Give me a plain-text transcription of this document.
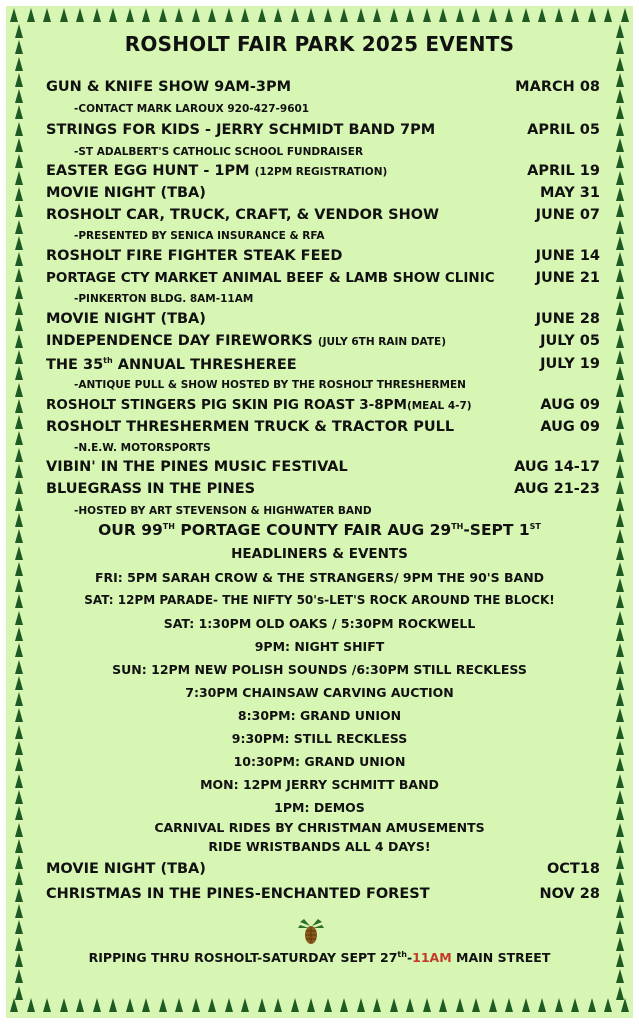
ROSHOLT FAIR PARK 2025 EVENTS
GUN & KNIFE SHOW 9AM-3PM	MARCH 08
-CONTACT MARK LAROUX 920-427-9601
STRINGS FOR KIDS - JERRY SCHMIDT BAND 7PM	APRIL 05
-ST ADALBERT'S CATHOLIC SCHOOL FUNDRAISER
EASTER EGG HUNT - 1PM (12PM REGISTRATION)	APRIL 19
MOVIE NIGHT (TBA)	MAY 31
ROSHOLT CAR, TRUCK, CRAFT, & VENDOR SHOW	JUNE 07
-PRESENTED BY SENICA INSURANCE & RFA
ROSHOLT FIRE FIGHTER STEAK FEED	JUNE 14
PORTAGE CTY MARKET ANIMAL BEEF & LAMB SHOW CLINIC	JUNE 21
-PINKERTON BLDG. 8AM-11AM
MOVIE NIGHT (TBA)	JUNE 28
INDEPENDENCE DAY FIREWORKS (JULY 6TH RAIN DATE)	JULY 05
THE 35th ANNUAL THRESHEREE	JULY 19
-ANTIQUE PULL & SHOW HOSTED BY THE ROSHOLT THRESHERMEN
ROSHOLT STINGERS PIG SKIN PIG ROAST 3-8PM(MEAL 4-7)	AUG 09
ROSHOLT THRESHERMEN TRUCK & TRACTOR PULL	AUG 09
-N.E.W. MOTORSPORTS
VIBIN' IN THE PINES MUSIC FESTIVAL	AUG 14-17
BLUEGRASS IN THE PINES	AUG 21-23
-HOSTED BY ART STEVENSON & HIGHWATER BAND
OUR 99TH PORTAGE COUNTY FAIR AUG 29TH-SEPT 1ST
HEADLINERS & EVENTS
FRI: 5PM SARAH CROW & THE STRANGERS/ 9PM THE 90'S BAND
SAT: 12PM PARADE- THE NIFTY 50's-LET'S ROCK AROUND THE BLOCK!
SAT: 1:30PM OLD OAKS / 5:30PM ROCKWELL
9PM: NIGHT SHIFT
SUN: 12PM NEW POLISH SOUNDS /6:30PM STILL RECKLESS
7:30PM CHAINSAW CARVING AUCTION
8:30PM: GRAND UNION
9:30PM: STILL RECKLESS
10:30PM: GRAND UNION
MON: 12PM JERRY SCHMITT BAND
1PM: DEMOS
CARNIVAL RIDES BY CHRISTMAN AMUSEMENTS
RIDE WRISTBANDS ALL 4 DAYS!
MOVIE NIGHT (TBA)	OCT18
CHRISTMAS IN THE PINES-ENCHANTED FOREST	NOV 28
RIPPING THRU ROSHOLT-SATURDAY SEPT 27th-11AM MAIN STREET
